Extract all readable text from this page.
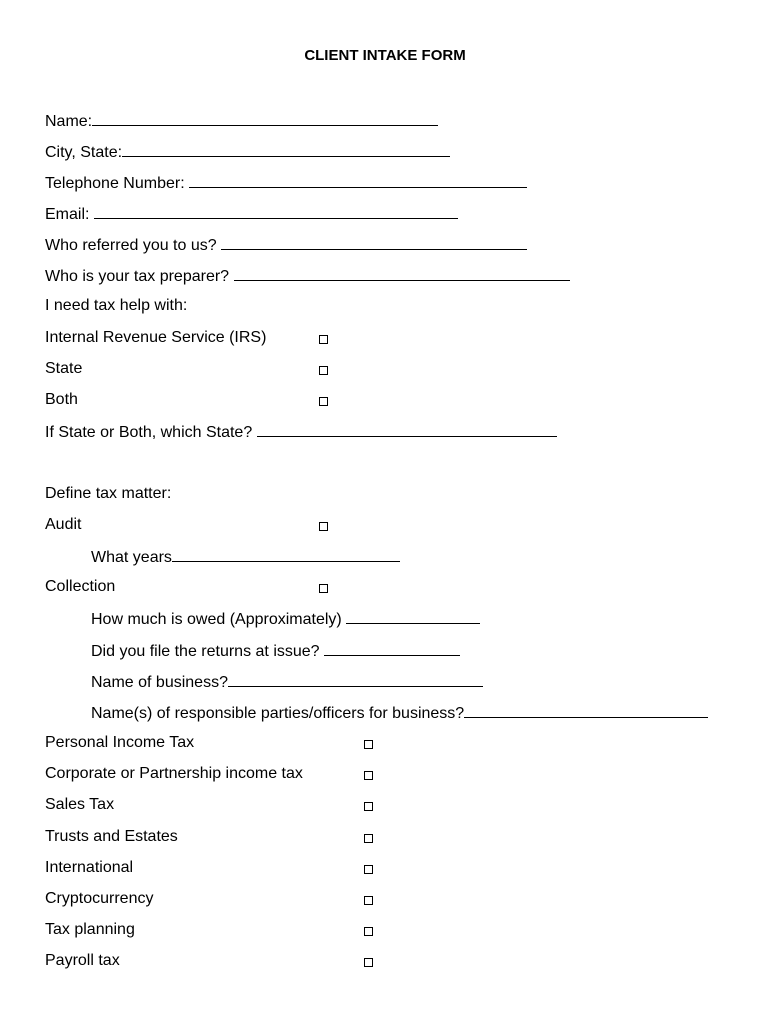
CLIENT INTAKE FORM
Name:
City, State:
Telephone Number:
Email:
Who referred you to us?
Who is your tax preparer?
I need tax help with:
Internal Revenue Service (IRS)
State
Both
If State or Both, which State?
Define tax matter:
Audit
What years
Collection
How much is owed (Approximately)
Did you file the returns at issue?
Name of business?
Name(s) of responsible parties/officers for business?
Personal Income Tax
Corporate or Partnership income tax
Sales Tax
Trusts and Estates
International
Cryptocurrency
Tax planning
Payroll tax
